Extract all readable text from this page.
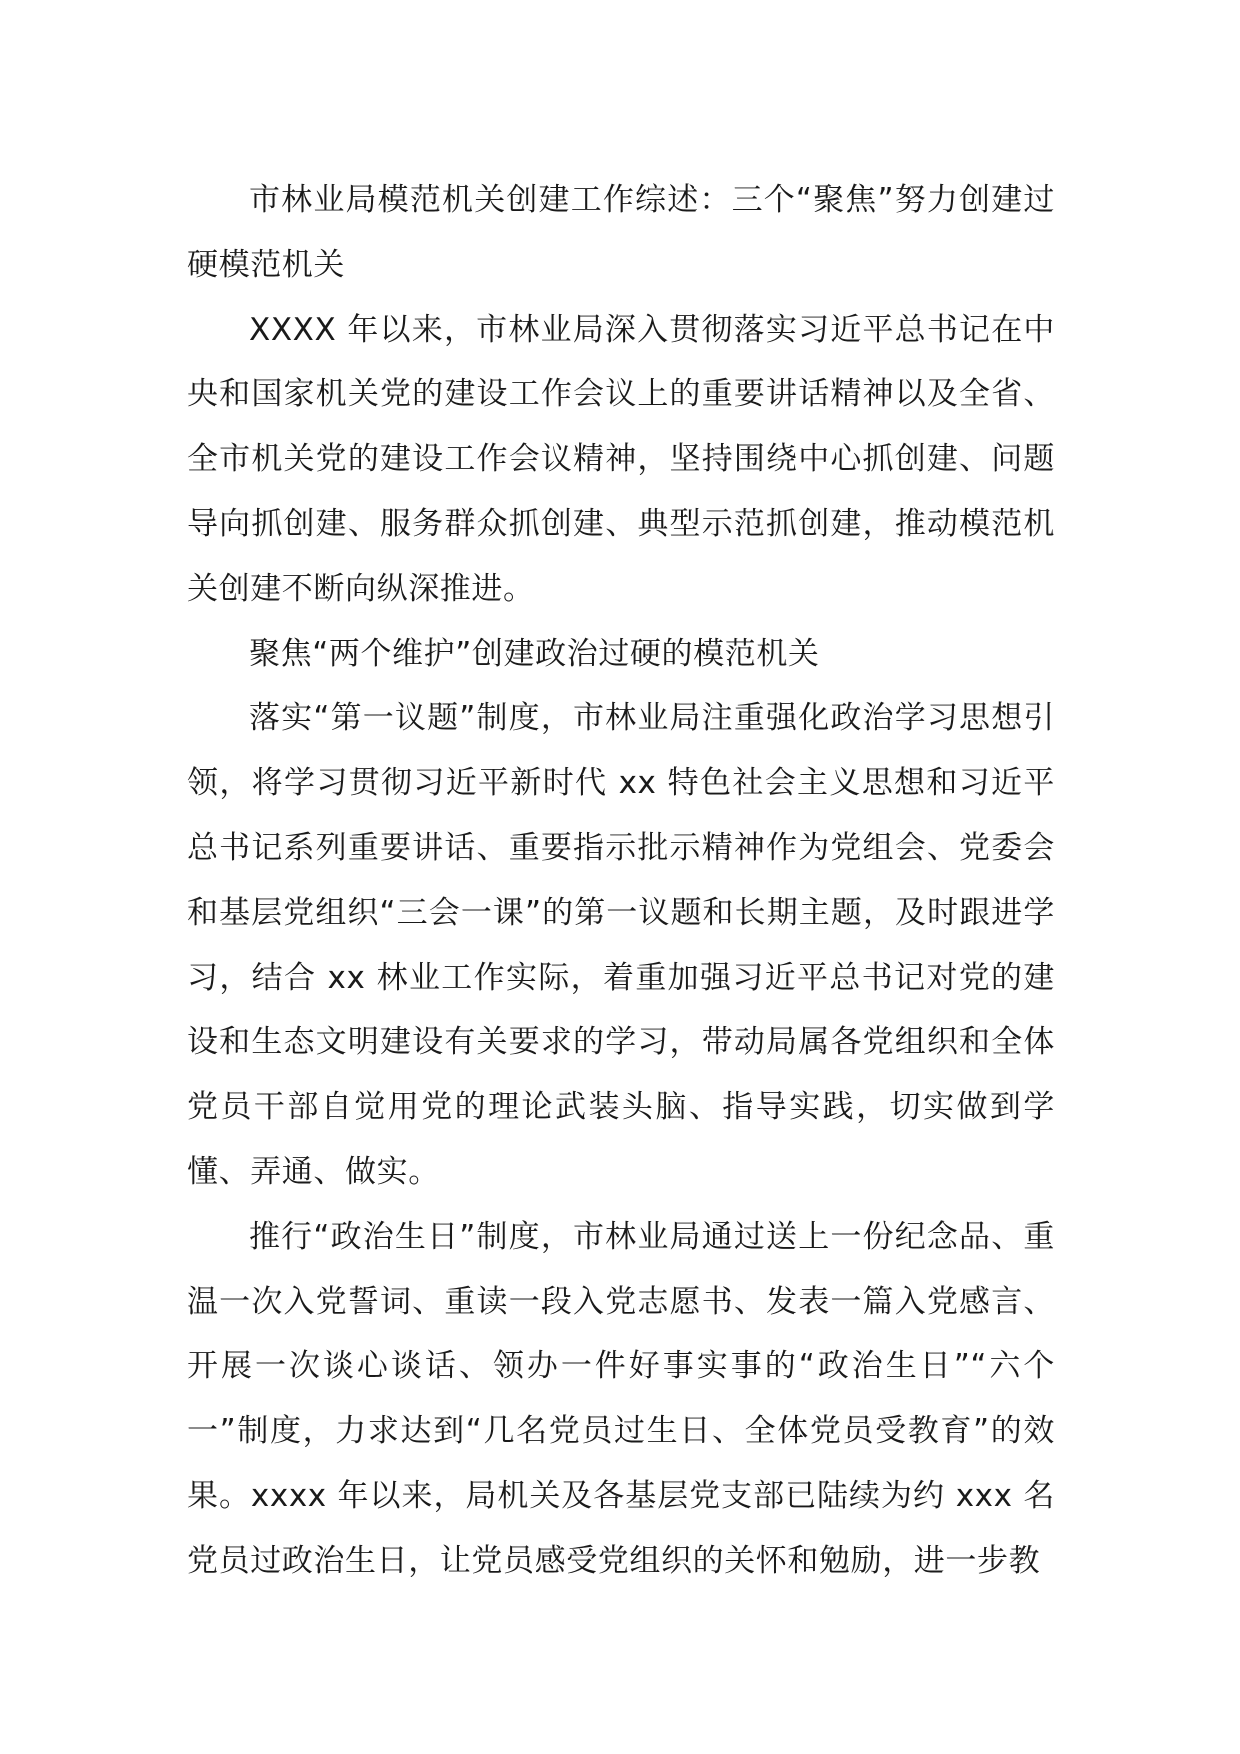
市林业局模范机关创建工作综述：三个“聚焦”努力创建过硬模范机关

XXXX 年以来，市林业局深入贯彻落实习近平总书记在中央和国家机关党的建设工作会议上的重要讲话精神以及全省、全市机关党的建设工作会议精神，坚持围绕中心抓创建、问题导向抓创建、服务群众抓创建、典型示范抓创建，推动模范机关创建不断向纵深推进。

聚焦“两个维护”创建政治过硬的模范机关

落实“第一议题”制度，市林业局注重强化政治学习思想引领，将学习贯彻习近平新时代 xx 特色社会主义思想和习近平总书记系列重要讲话、重要指示批示精神作为党组会、党委会和基层党组织“三会一课”的第一议题和长期主题，及时跟进学习，结合 xx 林业工作实际，着重加强习近平总书记对党的建设和生态文明建设有关要求的学习，带动局属各党组织和全体党员干部自觉用党的理论武装头脑、指导实践，切实做到学懂、弄通、做实。

推行“政治生日”制度，市林业局通过送上一份纪念品、重温一次入党誓词、重读一段入党志愿书、发表一篇入党感言、开展一次谈心谈话、领办一件好事实事的“政治生日”“六个一”制度，力求达到“几名党员过生日、全体党员受教育”的效果。xxxx 年以来，局机关及各基层党支部已陆续为约 xxx 名党员过政治生日，让党员感受党组织的关怀和勉励，进一步教
